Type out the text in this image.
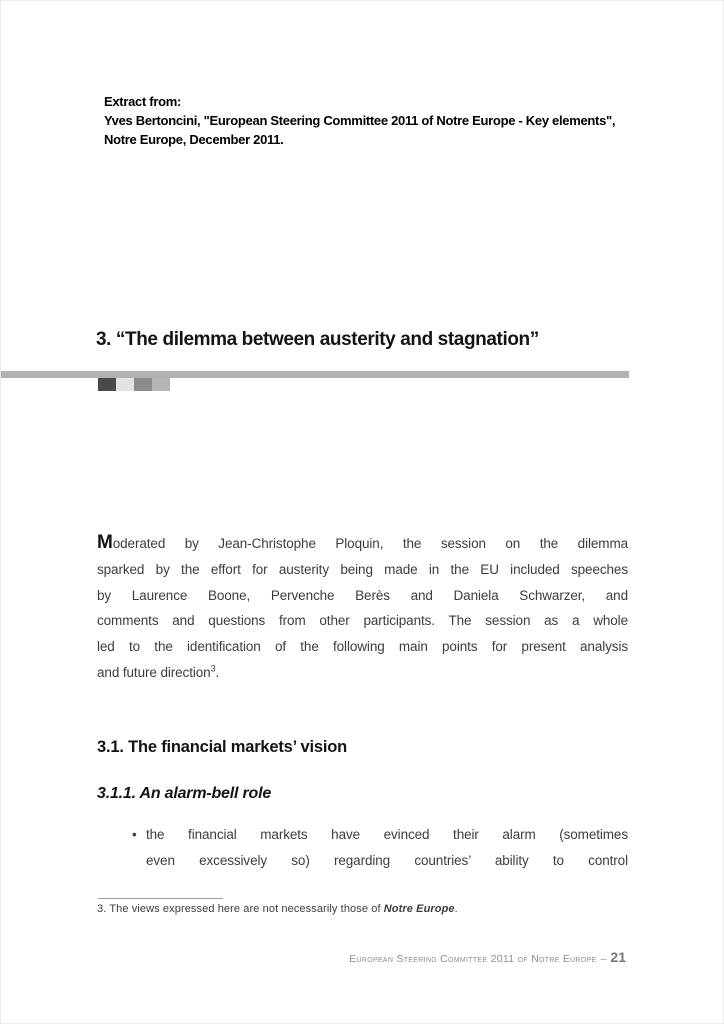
Extract from:
Yves Bertoncini, "European Steering Committee 2011 of Notre Europe - Key elements",
Notre Europe, December 2011.
3. “The dilemma between austerity and stagnation”
Moderated by Jean-Christophe Ploquin, the session on the dilemma
sparked by the effort for austerity being made in the EU included speeches
by Laurence Boone, Pervenche Berès and Daniela Schwarzer, and
comments and questions from other participants. The session as a whole
led to the identification of the following main points for present analysis
and future direction$^3$.
3.1. The financial markets’ vision
3.1.1. An alarm-bell role
• the financial markets have evinced their alarm (sometimes
even excessively so) regarding countries’ ability to control
3. The views expressed here are not necessarily those of Notre Europe.
European Steering Committee 2011 of Notre Europe – 21
